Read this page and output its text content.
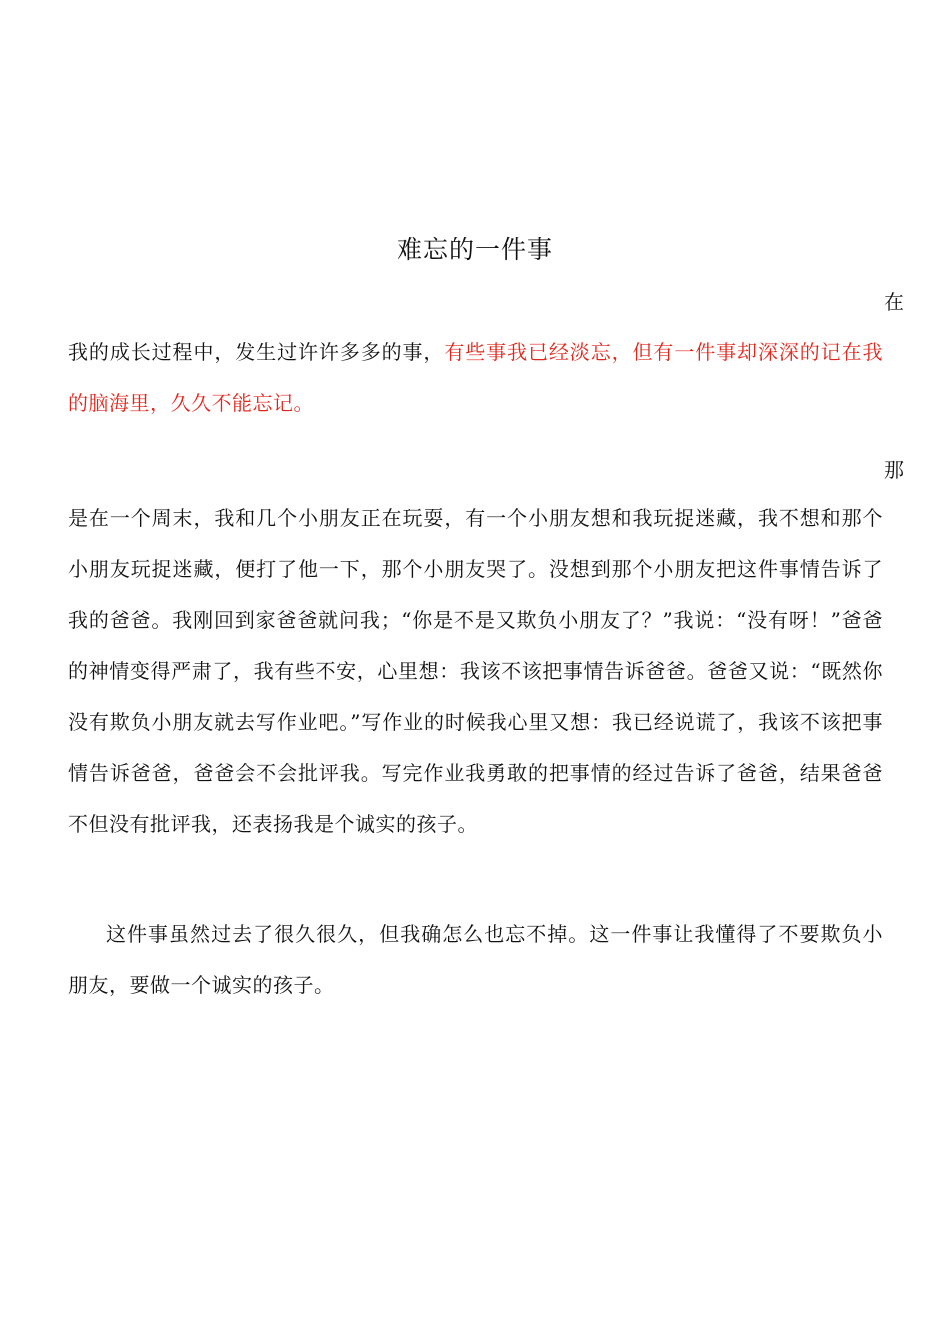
难忘的一件事
在
我的成长过程中，发生过许许多多的事，有些事我已经淡忘，但有一件事却深深的记在我的脑海里，久久不能忘记。
那
是在一个周末，我和几个小朋友正在玩耍，有一个小朋友想和我玩捉迷藏，我不想和那个小朋友玩捉迷藏，便打了他一下，那个小朋友哭了。没想到那个小朋友把这件事情告诉了我的爸爸。我刚回到家爸爸就问我；“你是不是又欺负小朋友了？”我说：“没有呀！”爸爸的神情变得严肃了，我有些不安，心里想：我该不该把事情告诉爸爸。爸爸又说：“既然你没有欺负小朋友就去写作业吧。”写作业的时候我心里又想：我已经说谎了，我该不该把事情告诉爸爸，爸爸会不会批评我。写完作业我勇敢的把事情的经过告诉了爸爸，结果爸爸不但没有批评我，还表扬我是个诚实的孩子。
这件事虽然过去了很久很久，但我确怎么也忘不掉。这一件事让我懂得了不要欺负小朋友，要做一个诚实的孩子。
